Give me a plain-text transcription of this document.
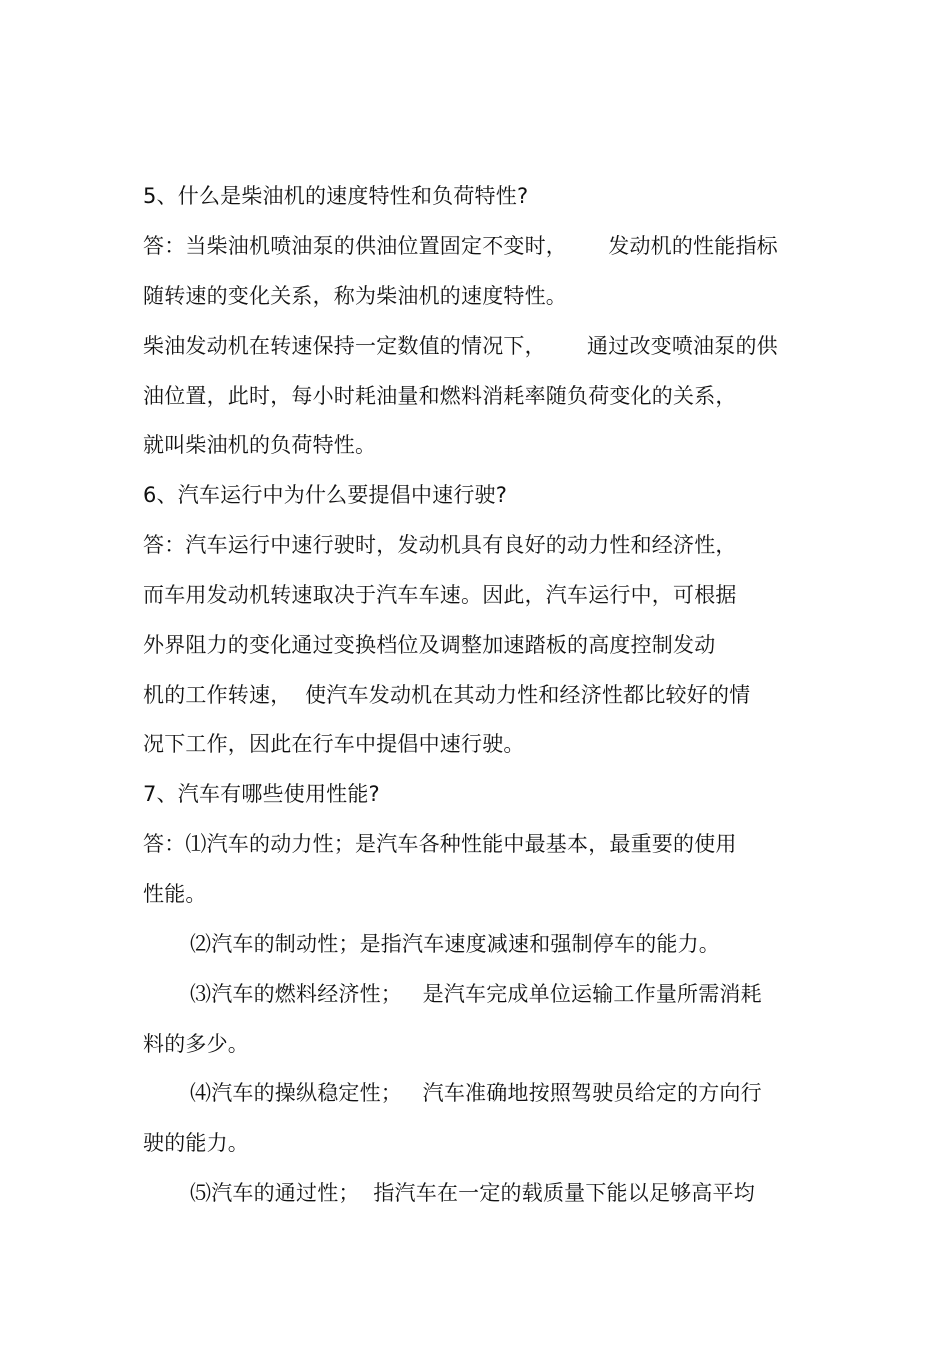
5、什么是柴油机的速度特性和负荷特性?
答：当柴油机喷油泵的供油位置固定不变时，      发动机的性能指标
随转速的变化关系，称为柴油机的速度特性。
柴油发动机在转速保持一定数值的情况下，      通过改变喷油泵的供
油位置，此时，每小时耗油量和燃料消耗率随负荷变化的关系，
就叫柴油机的负荷特性。
6、汽车运行中为什么要提倡中速行驶?
答：汽车运行中速行驶时，发动机具有良好的动力性和经济性，
而车用发动机转速取决于汽车车速。因此，汽车运行中，可根据
外界阻力的变化通过变换档位及调整加速踏板的高度控制发动
机的工作转速，  使汽车发动机在其动力性和经济性都比较好的情
况下工作，因此在行车中提倡中速行驶。
7、汽车有哪些使用性能?
答：⑴汽车的动力性；是汽车各种性能中最基本，最重要的使用
性能。
⑵汽车的制动性；是指汽车速度减速和强制停车的能力。
⑶汽车的燃料经济性；   是汽车完成单位运输工作量所需消耗
料的多少。
⑷汽车的操纵稳定性；   汽车准确地按照驾驶员给定的方向行
驶的能力。
⑸汽车的通过性；  指汽车在一定的载质量下能以足够高平均
